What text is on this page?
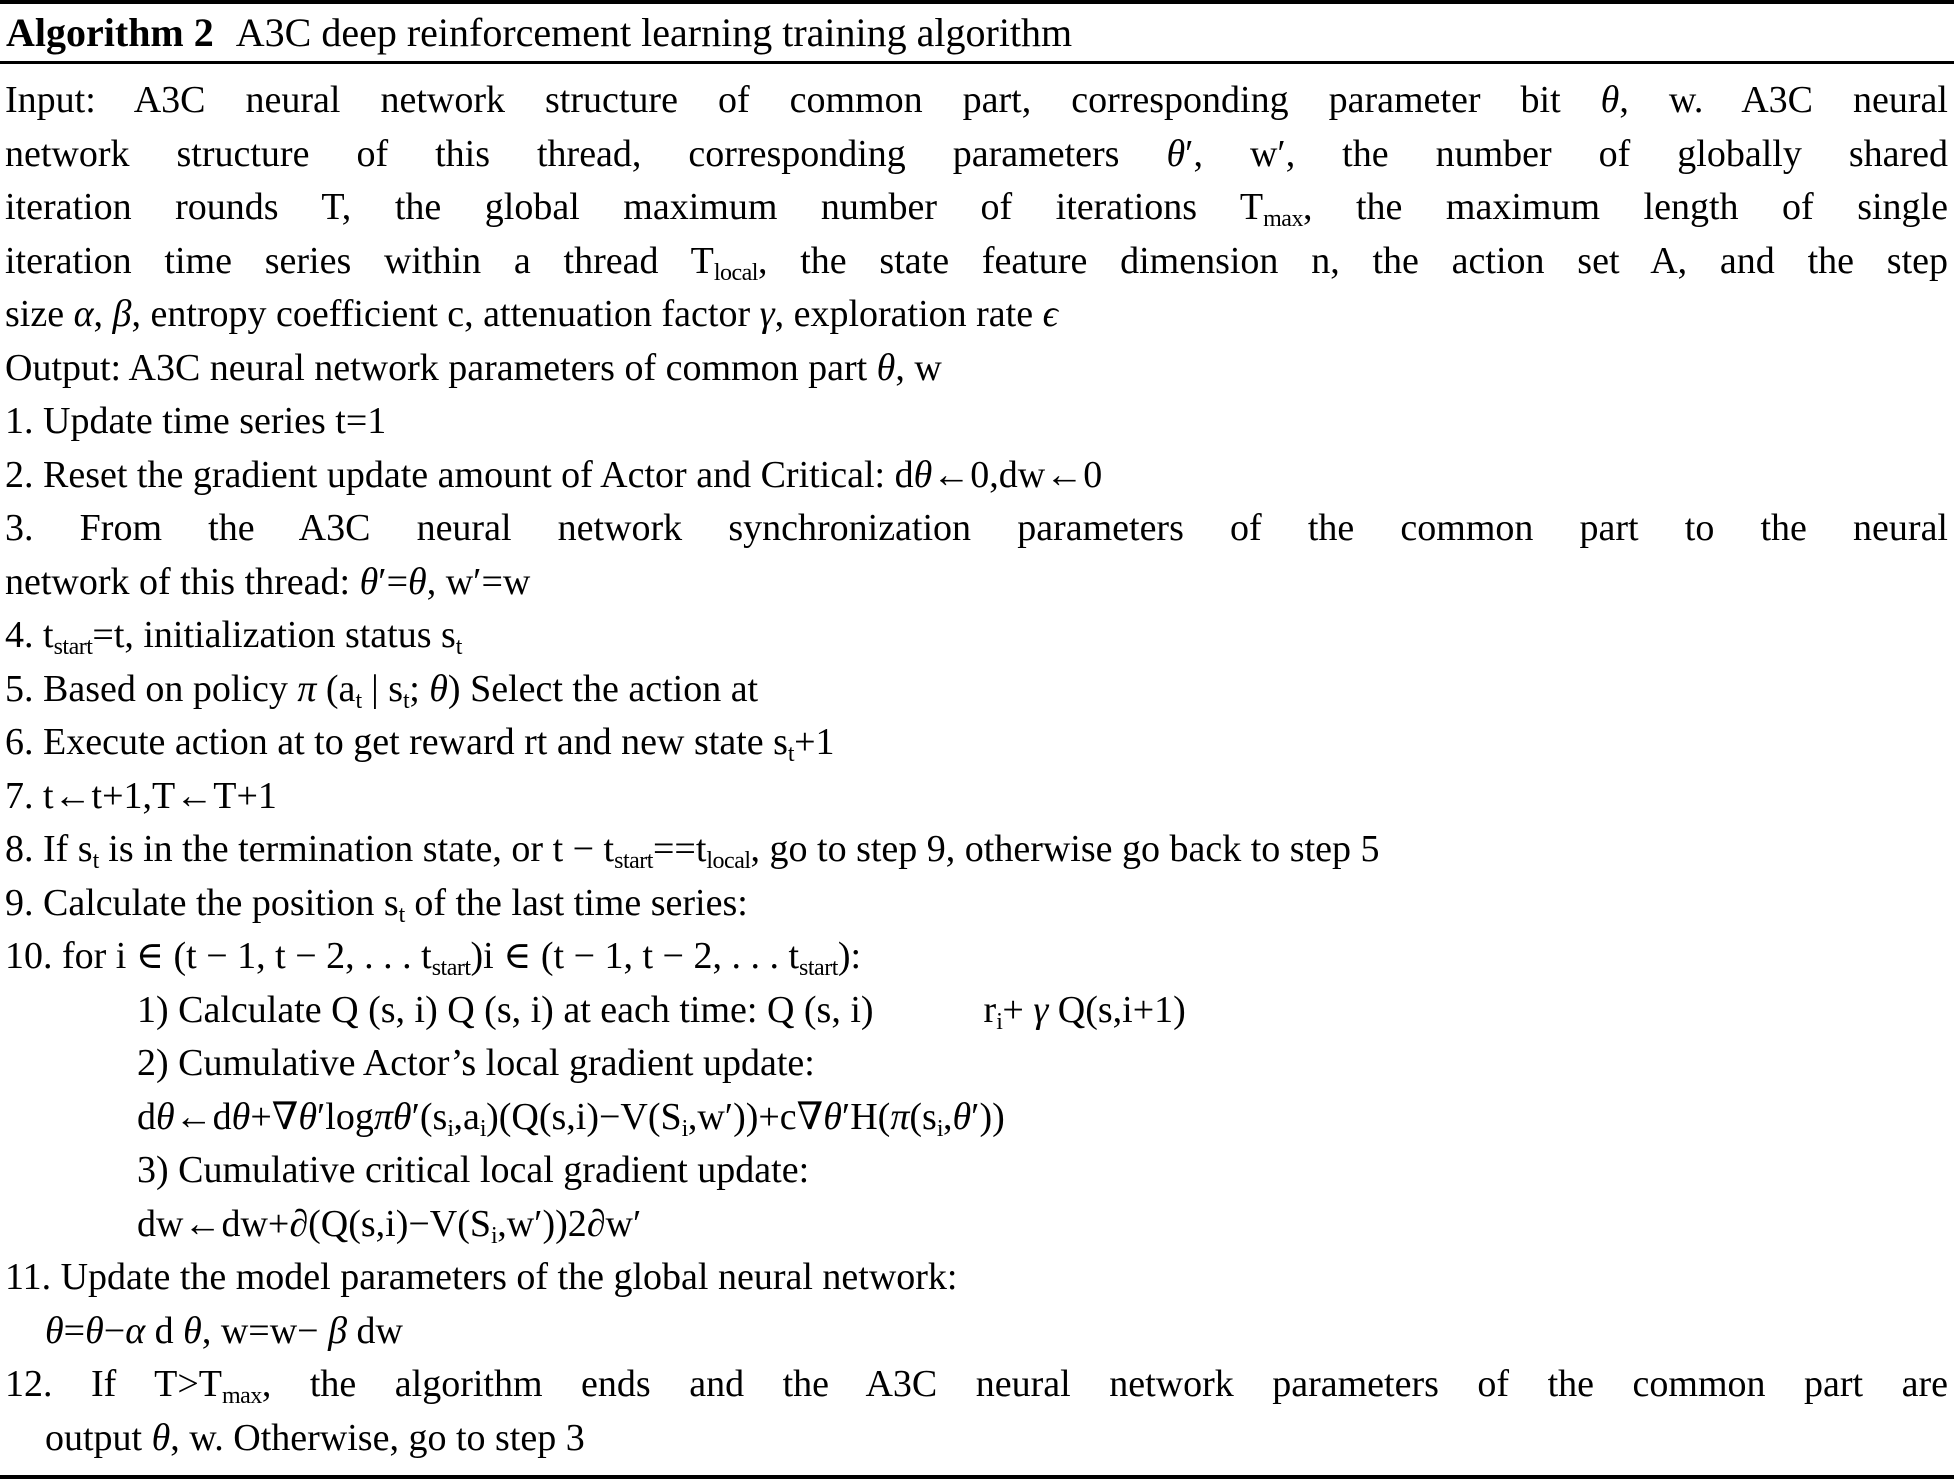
Algorithm 2 A3C deep reinforcement learning training algorithm
Input: A3C neural network structure of common part, corresponding parameter bit θ, w. A3C neural
network structure of this thread, corresponding parameters θ′, w′, the number of globally shared
iteration rounds T, the global maximum number of iterations $T_{max}$, the maximum length of single
iteration time series within a thread $T_{local}$, the state feature dimension n, the action set A, and the step
size α, β, entropy coefficient c, attenuation factor γ, exploration rate ϵ
Output: A3C neural network parameters of common part θ, w
1. Update time series t=1
2. Reset the gradient update amount of Actor and Critical: dθ←0,dw←0
3. From the A3C neural network synchronization parameters of the common part to the neural
network of this thread: θ′=θ, w′=w
4. $t_{start}=t$, initialization status $s_t$
5. Based on policy π ($a_t$ | $s_t$; θ) Select the action at
6. Execute action at to get reward rt and new state $s_t+1$
7. t←t+1,T←T+1
8. If $s_t$ is in the termination state, or $t - t_{start}==t_{local}$, go to step 9, otherwise go back to step 5
9. Calculate the position $s_t$ of the last time series:
10. for i ∈ (t − 1, t − 2, . . . $t_{start})i$ ∈ (t − 1, t − 2, . . . $t_{start}$):
1) Calculate Q (s, i) Q (s, i) at each time: Q (s, i)	$r_i+ \gamma$ Q(s,i+1)
2) Cumulative Actor’s local gradient update:
$d\theta\leftarrow d\theta+\nabla\theta'\log\pi\theta'(s_i,a_i)(Q(s,i)-V(S_i,w'))+c\nabla\theta'H(\pi(s_i,\theta'))$
3) Cumulative critical local gradient update:
$dw\leftarrow dw+\partial(Q(s,i)-V(S_i,w'))2\partial w'$
11. Update the model parameters of the global neural network:
θ=θ−α d θ, w=w− β dw
12. If $T>T_{max}$, the algorithm ends and the A3C neural network parameters of the common part are
output θ, w. Otherwise, go to step 3
